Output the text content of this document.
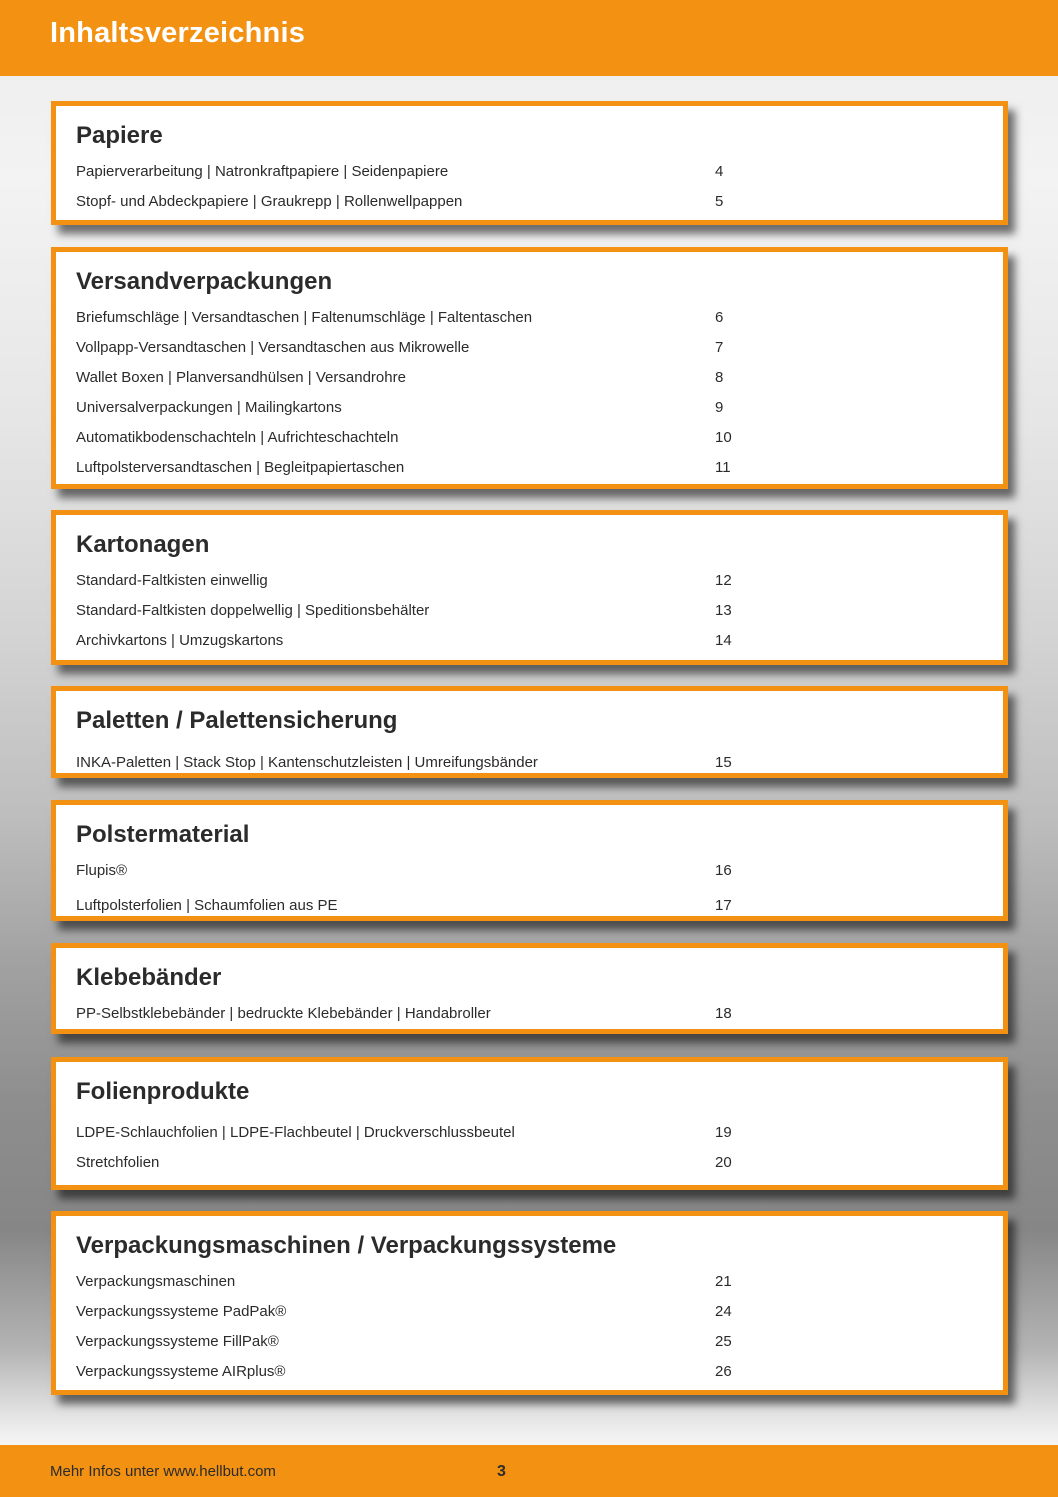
Inhaltsverzeichnis
Papiere
Papierverarbeitung | Natronkraftpapiere | Seidenpapiere	4
Stopf- und Abdeckpapiere | Graukrepp | Rollenwellpappen	5
Versandverpackungen
Briefumschläge | Versandtaschen | Faltenumschläge | Faltentaschen	6
Vollpapp-Versandtaschen | Versandtaschen aus Mikrowelle	7
Wallet Boxen | Planversandhülsen | Versandrohre	8
Universalverpackungen | Mailingkartons	9
Automatikbodenschachteln | Aufrichteschachteln	10
Luftpolsterversandtaschen | Begleitpapiertaschen	11
Kartonagen
Standard-Faltkisten einwellig	12
Standard-Faltkisten doppelwellig | Speditionsbehälter	13
Archivkartons | Umzugskartons	14
Paletten / Palettensicherung
INKA-Paletten | Stack Stop | Kantenschutzleisten | Umreifungsbänder	15
Polstermaterial
Flupis®	16
Luftpolsterfolien | Schaumfolien aus PE	17
Klebebänder
PP-Selbstklebebänder | bedruckte Klebebänder | Handabroller	18
Folienprodukte
LDPE-Schlauchfolien | LDPE-Flachbeutel | Druckverschlussbeutel	19
Stretchfolien	20
Verpackungsmaschinen / Verpackungssysteme
Verpackungsmaschinen	21
Verpackungssysteme PadPak®	24
Verpackungssysteme FillPak®	25
Verpackungssysteme AIRplus®	26
Mehr Infos unter www.hellbut.com	3
